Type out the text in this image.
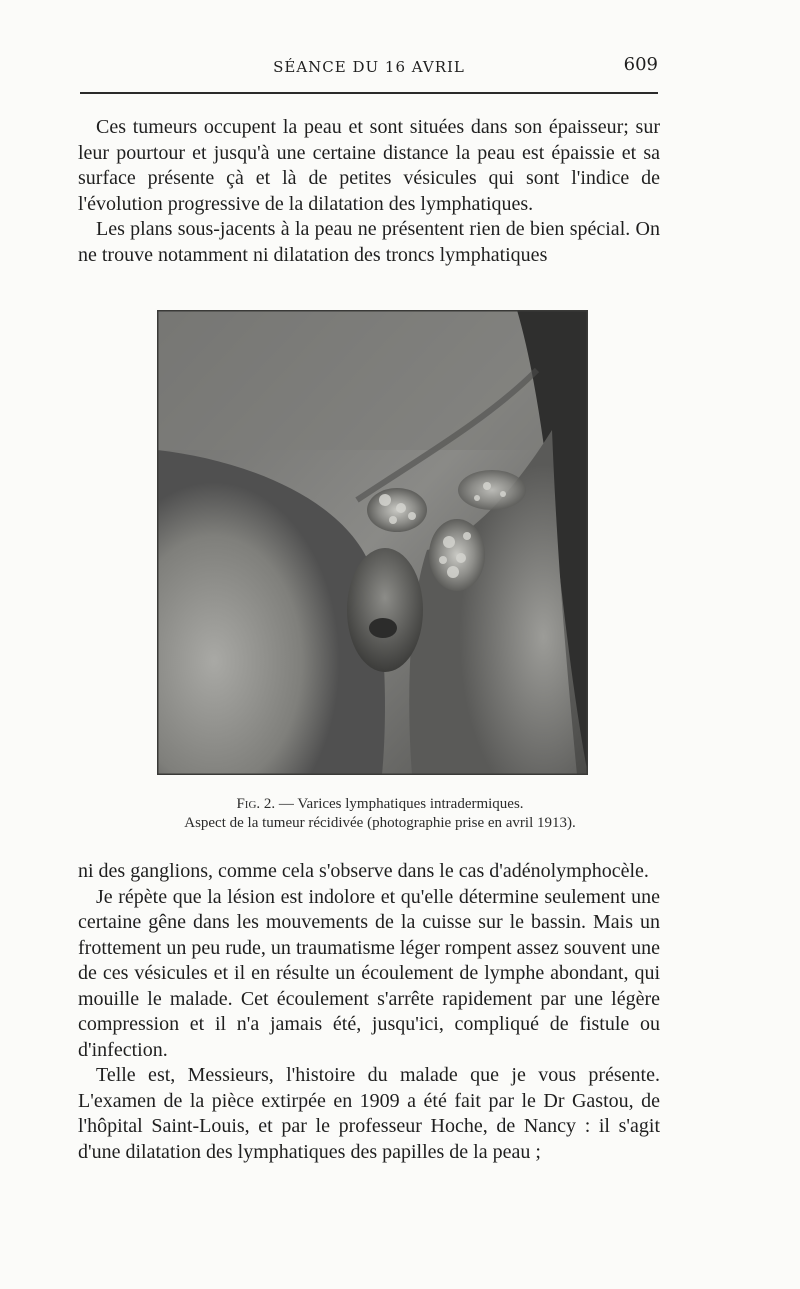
SÉANCE DU 16 AVRIL	609

Ces tumeurs occupent la peau et sont situées dans son épaisseur; sur leur pourtour et jusqu'à une certaine distance la peau est épaissie et sa surface présente çà et là de petites vésicules qui sont l'indice de l'évolution progressive de la dilatation des lymphatiques.

Les plans sous-jacents à la peau ne présentent rien de bien spécial. On ne trouve notamment ni dilatation des troncs lymphatiques

Fig. 2. — Varices lymphatiques intradermiques.
Aspect de la tumeur récidivée (photographie prise en avril 1913).

ni des ganglions, comme cela s'observe dans le cas d'adénolymphocèle.

Je répète que la lésion est indolore et qu'elle détermine seulement une certaine gêne dans les mouvements de la cuisse sur le bassin. Mais un frottement un peu rude, un traumatisme léger rompent assez souvent une de ces vésicules et il en résulte un écoulement de lymphe abondant, qui mouille le malade. Cet écoulement s'arrête rapidement par une légère compression et il n'a jamais été, jusqu'ici, compliqué de fistule ou d'infection.

Telle est, Messieurs, l'histoire du malade que je vous présente. L'examen de la pièce extirpée en 1909 a été fait par le Dr Gastou, de l'hôpital Saint-Louis, et par le professeur Hoche, de Nancy : il s'agit d'une dilatation des lymphatiques des papilles de la peau ;
